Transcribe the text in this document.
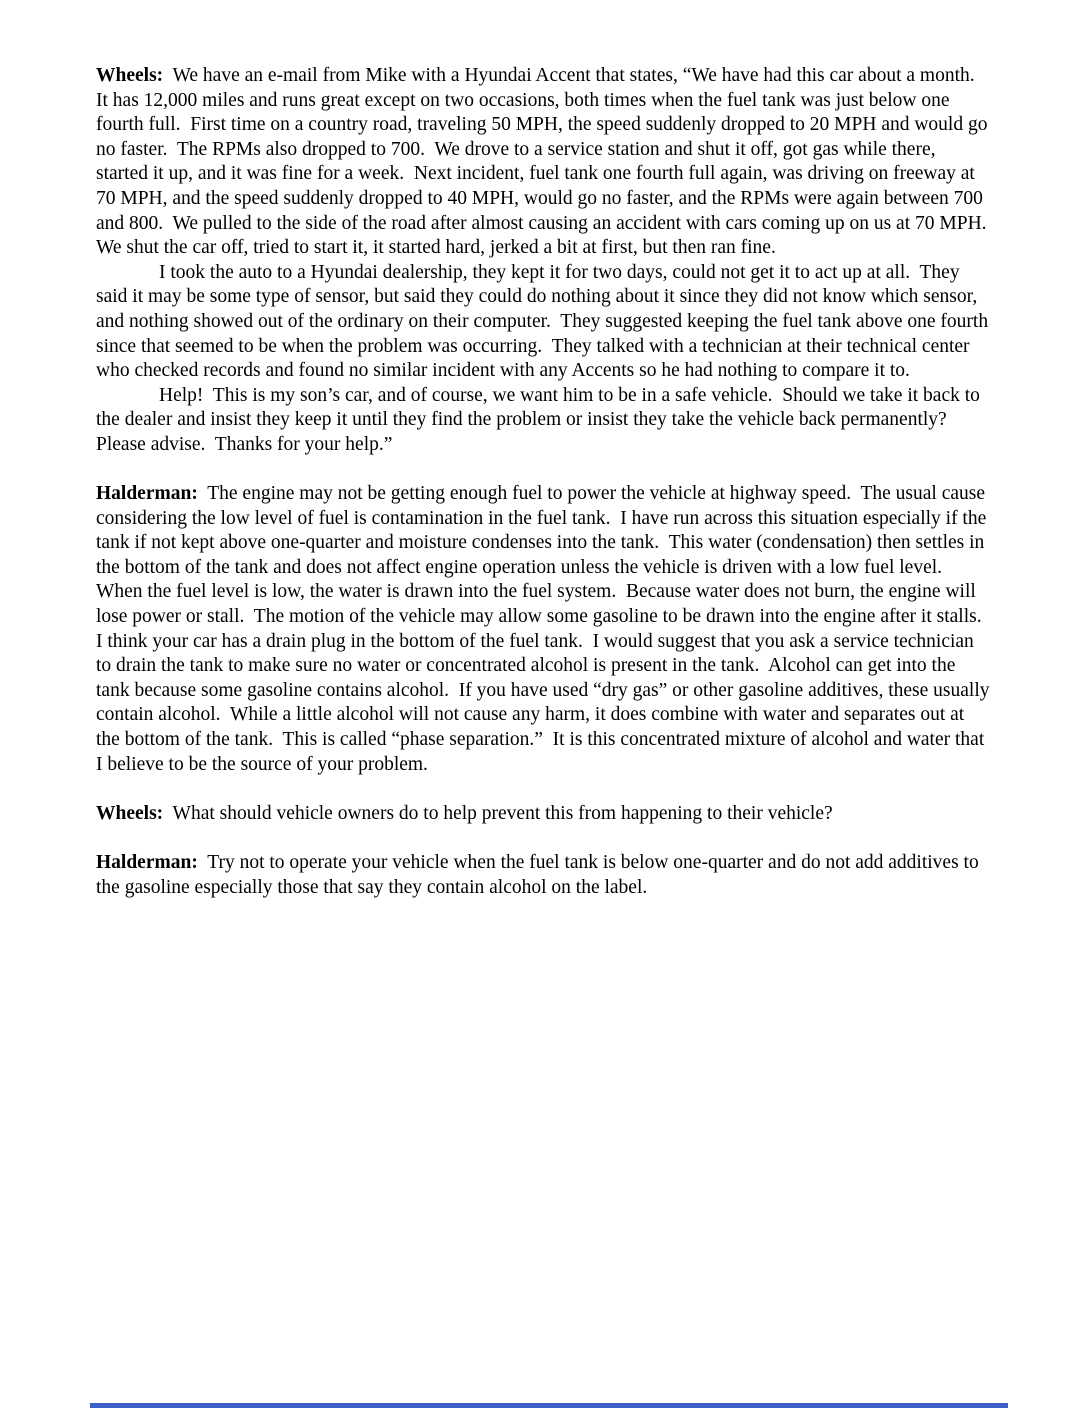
Wheels:  We have an e-mail from Mike with a Hyundai Accent that states, “We have had this car about a month.  It has 12,000 miles and runs great except on two occasions, both times when the fuel tank was just below one fourth full.  First time on a country road, traveling 50 MPH, the speed suddenly dropped to 20 MPH and would go no faster.  The RPMs also dropped to 700.  We drove to a service station and shut it off, got gas while there, started it up, and it was fine for a week.  Next incident, fuel tank one fourth full again, was driving on freeway at 70 MPH, and the speed suddenly dropped to 40 MPH, would go no faster, and the RPMs were again between 700 and 800.  We pulled to the side of the road after almost causing an accident with cars coming up on us at 70 MPH.  We shut the car off, tried to start it, it started hard, jerked a bit at first, but then ran fine.

I took the auto to a Hyundai dealership, they kept it for two days, could not get it to act up at all.  They said it may be some type of sensor, but said they could do nothing about it since they did not know which sensor, and nothing showed out of the ordinary on their computer.  They suggested keeping the fuel tank above one fourth since that seemed to be when the problem was occurring.  They talked with a technician at their technical center who checked records and found no similar incident with any Accents so he had nothing to compare it to.

Help!  This is my son’s car, and of course, we want him to be in a safe vehicle.  Should we take it back to the dealer and insist they keep it until they find the problem or insist they take the vehicle back permanently?  Please advise.  Thanks for your help.”

Halderman:  The engine may not be getting enough fuel to power the vehicle at highway speed.  The usual cause considering the low level of fuel is contamination in the fuel tank.  I have run across this situation especially if the tank if not kept above one-quarter and moisture condenses into the tank.  This water (condensation) then settles in the bottom of the tank and does not affect engine operation unless the vehicle is driven with a low fuel level.  When the fuel level is low, the water is drawn into the fuel system.  Because water does not burn, the engine will lose power or stall.  The motion of the vehicle may allow some gasoline to be drawn into the engine after it stalls.  I think your car has a drain plug in the bottom of the fuel tank.  I would suggest that you ask a service technician to drain the tank to make sure no water or concentrated alcohol is present in the tank.  Alcohol can get into the tank because some gasoline contains alcohol.  If you have used “dry gas” or other gasoline additives, these usually contain alcohol.  While a little alcohol will not cause any harm, it does combine with water and separates out at the bottom of the tank.  This is called “phase separation.”  It is this concentrated mixture of alcohol and water that I believe to be the source of your problem.

Wheels:  What should vehicle owners do to help prevent this from happening to their vehicle?

Halderman:  Try not to operate your vehicle when the fuel tank is below one-quarter and do not add additives to the gasoline especially those that say they contain alcohol on the label.
